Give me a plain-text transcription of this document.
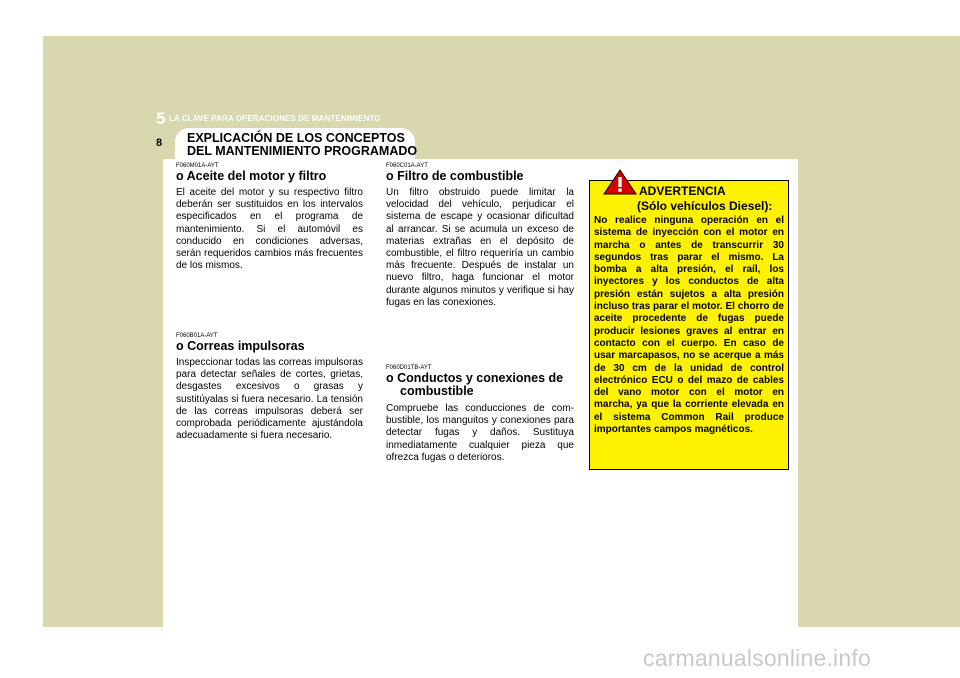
5 LA CLAVE PARA OPERACIONES DE MANTENIMIENTO
8 EXPLICACIÓN DE LOS CONCEPTOS
DEL MANTENIMIENTO PROGRAMADO
F060M01A-AYT
o Aceite del motor y filtro

El aceite del motor y su respectivo filtro deberán ser sustituidos en los intervalos especificados en el programa de mantenimiento. Si el automóvil es conducido en condiciones adversas, serán requeridos cambios más frecuentes de los mismos.

F060B01A-AYT
o Correas impulsoras

Inspeccionar todas las correas impulsoras para detectar señales de cortes, grietas, desgastes excesivos o grasas y sustitúyalas si fuera necesario. La tensión de las correas impulsoras deberá ser comprobada periódicamente ajustándola adecuadamente si fuera necesario.

F060C01A-AYT
o Filtro de combustible

Un filtro obstruido puede limitar la velocidad del vehículo, perjudicar el sistema de escape y ocasionar dificultad al arrancar. Si se acumula un exceso de materias extrañas en el depósito de combustible, el filtro requeriría un cambio más frecuente. Después de instalar un nuevo filtro, haga funcionar el motor durante algunos minutos y verifique si hay fugas en las conexiones.

F060D01TB-AYT
o Conductos y conexiones de
combustible

Compruebe las conducciones de com-bustible, los manguitos y conexiones para detectar fugas y daños. Sustituya inmediatamente cualquier pieza que ofrezca fugas o deterioros.

ADVERTENCIA
(Sólo vehículos Diesel):

No realice ninguna operación en el sistema de inyección con el motor en marcha o antes de transcurrir 30 segundos tras parar el mismo. La bomba a alta presión, el raíl, los inyectores y los conductos de alta presión están sujetos a alta presión incluso tras parar el motor. El chorro de aceite procedente de fugas puede producir lesiones graves al entrar en contacto con el cuerpo. En caso de usar marcapasos, no se acerque a más de 30 cm de la unidad de control electrónico ECU o del mazo de cables del vano motor con el motor en marcha, ya que la corriente elevada en el sistema Common Rail produce importantes campos magnéticos.

carmanualsonline.info
